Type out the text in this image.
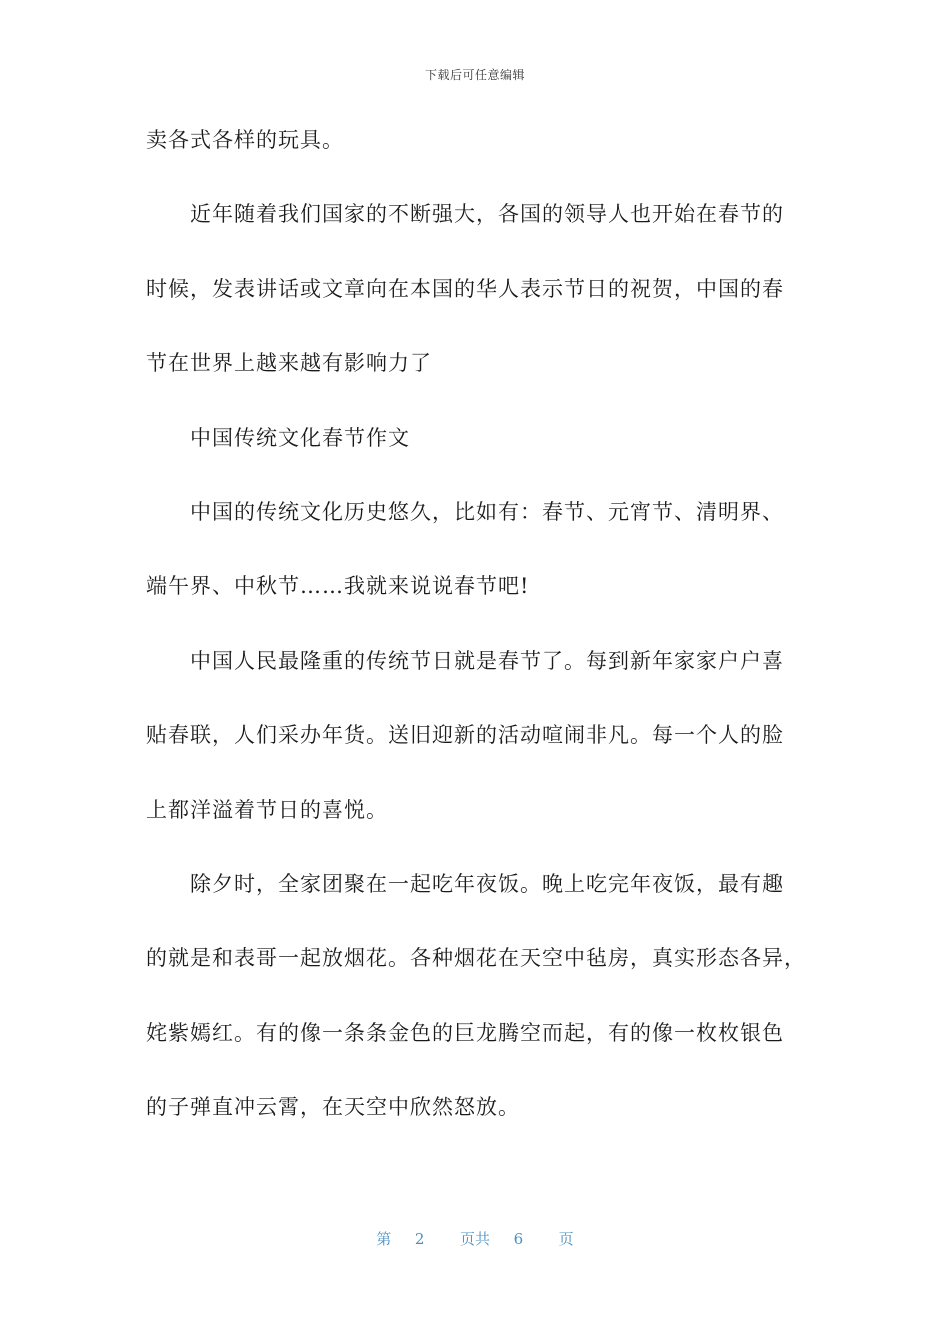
下载后可任意编辑
卖各式各样的玩具。
近年随着我们国家的不断强大，各国的领导人也开始在春节的
时候，发表讲话或文章向在本国的华人表示节日的祝贺，中国的春
节在世界上越来越有影响力了
中国传统文化春节作文
中国的传统文化历史悠久，比如有：春节、元宵节、清明界、
端午界、中秋节……我就来说说春节吧!
中国人民最隆重的传统节日就是春节了。每到新年家家户户喜
贴春联，人们采办年货。送旧迎新的活动喧闹非凡。每一个人的脸
上都洋溢着节日的喜悦。
除夕时，全家团聚在一起吃年夜饭。晚上吃完年夜饭，最有趣
的就是和表哥一起放烟花。各种烟花在天空中毡房，真实形态各异，
姹紫嫣红。有的像一条条金色的巨龙腾空而起，有的像一枚枚银色
的子弹直冲云霄，在天空中欣然怒放。
第 2 页共 6 页
